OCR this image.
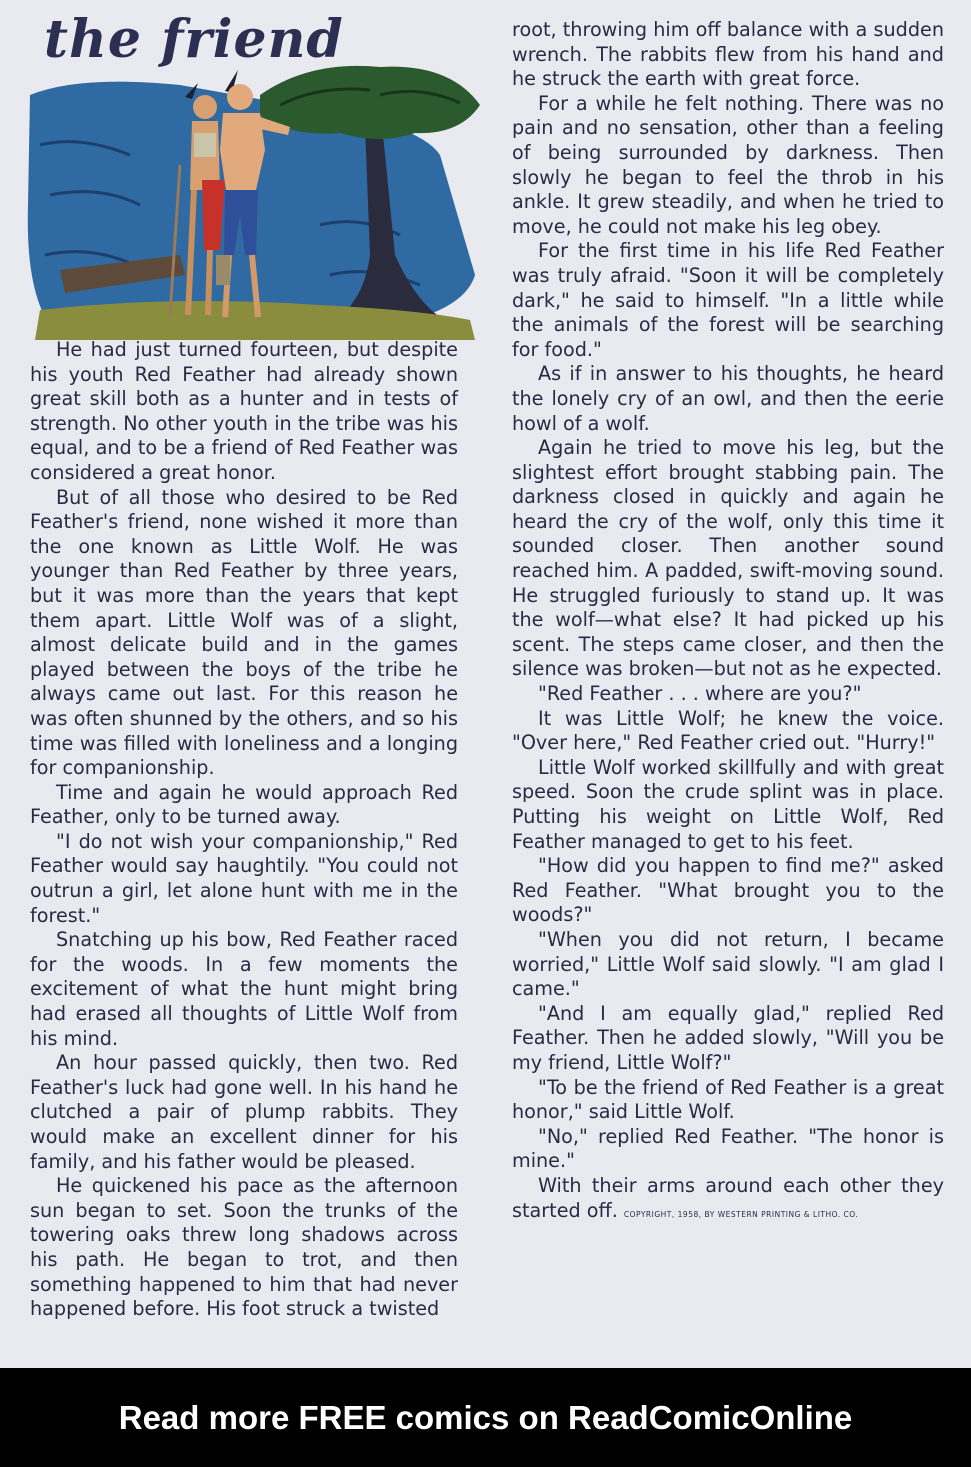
the friend

He had just turned fourteen, but despite his youth Red Feather had already shown great skill both as a hunter and in tests of strength. No other youth in the tribe was his equal, and to be a friend of Red Feather was considered a great honor.

But of all those who desired to be Red Feather's friend, none wished it more than the one known as Little Wolf. He was younger than Red Feather by three years, but it was more than the years that kept them apart. Little Wolf was of a slight, almost delicate build and in the games played between the boys of the tribe he always came out last. For this reason he was often shunned by the others, and so his time was filled with loneliness and a longing for companionship.

Time and again he would approach Red Feather, only to be turned away.

"I do not wish your companionship," Red Feather would say haughtily. "You could not outrun a girl, let alone hunt with me in the forest."

Snatching up his bow, Red Feather raced for the woods. In a few moments the excitement of what the hunt might bring had erased all thoughts of Little Wolf from his mind.

An hour passed quickly, then two. Red Feather's luck had gone well. In his hand he clutched a pair of plump rabbits. They would make an excellent dinner for his family, and his father would be pleased.

He quickened his pace as the afternoon sun began to set. Soon the trunks of the towering oaks threw long shadows across his path. He began to trot, and then something happened to him that had never happened before. His foot struck a twisted

root, throwing him off balance with a sudden wrench. The rabbits flew from his hand and he struck the earth with great force.

For a while he felt nothing. There was no pain and no sensation, other than a feeling of being surrounded by darkness. Then slowly he began to feel the throb in his ankle. It grew steadily, and when he tried to move, he could not make his leg obey.

For the first time in his life Red Feather was truly afraid. "Soon it will be completely dark," he said to himself. "In a little while the animals of the forest will be searching for food."

As if in answer to his thoughts, he heard the lonely cry of an owl, and then the eerie howl of a wolf.

Again he tried to move his leg, but the slightest effort brought stabbing pain. The darkness closed in quickly and again he heard the cry of the wolf, only this time it sounded closer. Then another sound reached him. A padded, swift-moving sound. He struggled furiously to stand up. It was the wolf—what else? It had picked up his scent. The steps came closer, and then the silence was broken—but not as he expected.

"Red Feather . . . where are you?"

It was Little Wolf; he knew the voice. "Over here," Red Feather cried out. "Hurry!"

Little Wolf worked skillfully and with great speed. Soon the crude splint was in place. Putting his weight on Little Wolf, Red Feather managed to get to his feet.

"How did you happen to find me?" asked Red Feather. "What brought you to the woods?"

"When you did not return, I became worried," Little Wolf said slowly. "I am glad I came."

"And I am equally glad," replied Red Feather. Then he added slowly, "Will you be my friend, Little Wolf?"

"To be the friend of Red Feather is a great honor," said Little Wolf.

"No," replied Red Feather. "The honor is mine."

With their arms around each other they started off. COPYRIGHT, 1958, BY WESTERN PRINTING & LITHO. CO.

Read more FREE comics on ReadComicOnline
